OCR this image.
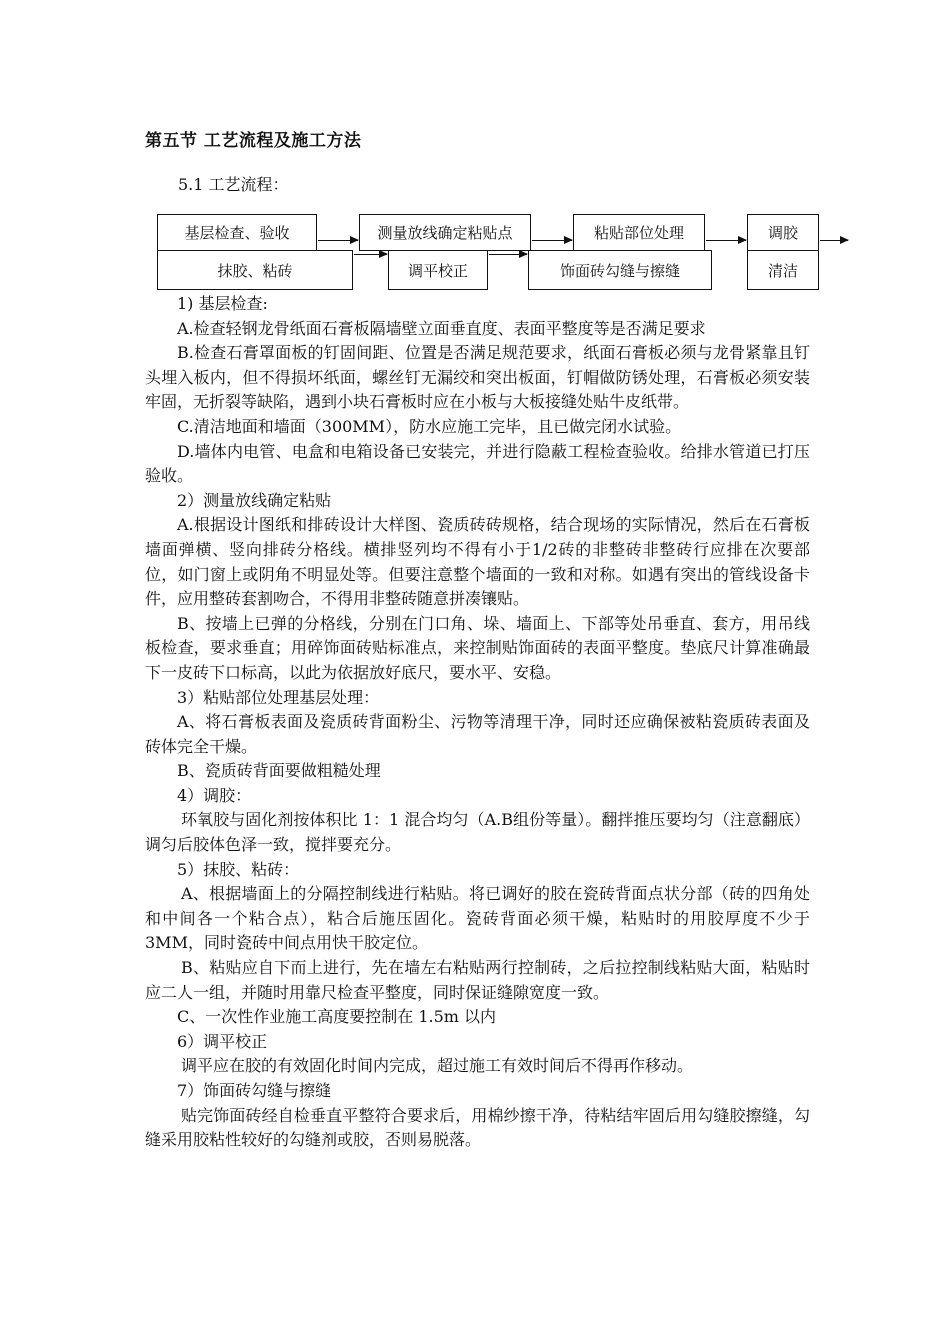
第五节 工艺流程及施工方法
5.1 工艺流程：
基层检查、验收
抹胶、粘砖
测量放线确定粘贴点
调平校正
粘贴部位处理
饰面砖勾缝与擦缝
调胶
清洁

1) 基层检查:

A.检查轻钢龙骨纸面石膏板隔墙壁立面垂直度、表面平整度等是否满足要求

B.检查石膏罩面板的钉固间距、位置是否满足规范要求，纸面石膏板必须与龙骨紧靠且钉头埋入板内，但不得损坏纸面，螺丝钉无漏绞和突出板面，钉帽做防锈处理，石膏板必须安装牢固，无折裂等缺陷，遇到小块石膏板时应在小板与大板接缝处贴牛皮纸带。

C.清洁地面和墙面（300MM），防水应施工完毕，且已做完闭水试验。

D.墙体内电管、电盒和电箱设备已安装完，并进行隐蔽工程检查验收。给排水管道已打压验收。

2）测量放线确定粘贴

A.根据设计图纸和排砖设计大样图、瓷质砖砖规格，结合现场的实际情况，然后在石膏板墙面弹横、竖向排砖分格线。横排竖列均不得有小于1/2砖的非整砖非整砖行应排在次要部位，如门窗上或阴角不明显处等。但要注意整个墙面的一致和对称。如遇有突出的管线设备卡件，应用整砖套割吻合，不得用非整砖随意拼凑镶贴。

B、按墙上已弹的分格线，分别在门口角、垛、墙面上、下部等处吊垂直、套方，用吊线板检查，要求垂直；用碎饰面砖贴标准点，来控制贴饰面砖的表面平整度。垫底尺计算准确最下一皮砖下口标高，以此为依据放好底尺，要水平、安稳。

3）粘贴部位处理基层处理：

A、将石膏板表面及瓷质砖背面粉尘、污物等清理干净，同时还应确保被粘瓷质砖表面及砖体完全干燥。

B、瓷质砖背面要做粗糙处理

4）调胶：

环氧胶与固化剂按体积比 1：1 混合均匀（A.B组份等量）。翻拌推压要均匀（注意翻底）调匀后胶体色泽一致，搅拌要充分。

5）抹胶、粘砖：

A、根据墙面上的分隔控制线进行粘贴。将已调好的胶在瓷砖背面点状分部（砖的四角处和中间各一个粘合点），粘合后施压固化。瓷砖背面必须干燥，粘贴时的用胶厚度不少于 3MM，同时瓷砖中间点用快干胶定位。

B、粘贴应自下而上进行，先在墙左右粘贴两行控制砖，之后拉控制线粘贴大面，粘贴时应二人一组，并随时用靠尺检查平整度，同时保证缝隙宽度一致。

C、一次性作业施工高度要控制在 1.5m 以内

6）调平校正

调平应在胶的有效固化时间内完成，超过施工有效时间后不得再作移动。

7）饰面砖勾缝与擦缝

贴完饰面砖经自检垂直平整符合要求后，用棉纱擦干净，待粘结牢固后用勾缝胶擦缝，勾缝采用胶粘性较好的勾缝剂或胶，否则易脱落。
